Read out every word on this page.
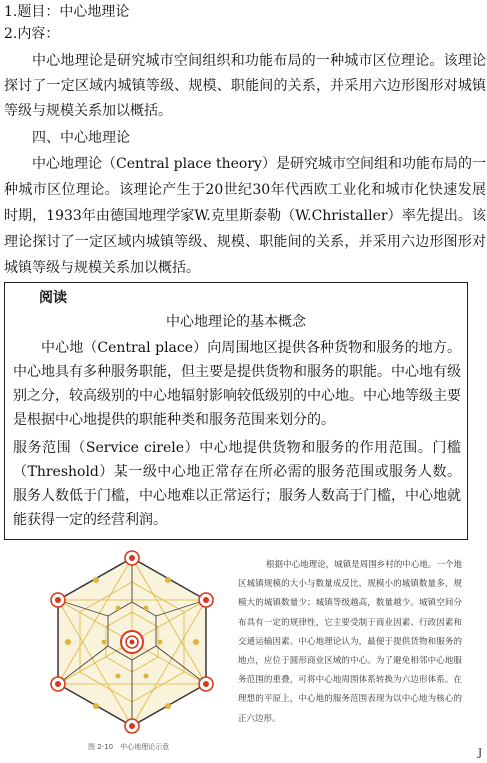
1.题目：中心地理论
2.内容：
中心地理论是研究城市空间组织和功能布局的一种城市区位理论。该理论探讨了一定区域内城镇等级、规模、职能间的关系，并采用六边形图形对城镇等级与规模关系加以概括。
四、中心地理论
中心地理论（Central place theory）是研究城市空间组和功能布局的一种城市区位理论。该理论产生于20世纪30年代西欧工业化和城市化快速发展时期，1933年由德国地理学家W.克里斯泰勒（W.Christaller）率先提出。该理论探讨了一定区域内城镇等级、规模、职能间的关系，并采用六边形图形对城镇等级与规模关系加以概括。
阅读
中心地理论的基本概念
中心地（Central place）向周围地区提供各种货物和服务的地方。中心地具有多种服务职能，但主要是提供货物和服务的职能。中心地有级别之分，较高级别的中心地辐射影响较低级别的中心地。中心地等级主要是根据中心地提供的职能种类和服务范围来划分的。
服务范围（Service cirele）中心地提供货物和服务的作用范围。门槛（Threshold）某一级中心地正常存在所必需的服务范围或服务人数。服务人数低于门槛，中心地难以正常运行；服务人数高于门槛，中心地就能获得一定的经营利润。
图 2-10　中心地理论示意
根据中心地理论，城镇是周围乡村的中心地。一个地区城镇规模的大小与数量成反比，规模小的城镇数量多，规模大的城镇数量少；城镇等级越高，数量越少。城镇空间分布具有一定的规律性，它主要受制于商业因素、行政因素和交通运输因素。中心地理论认为，最便于提供货物和服务的地点，应位于圆形商业区域的中心。为了避免相邻中心地服务范围的重叠，可将中心地周围体系转换为六边形体系。在理想的平原上，中心地的服务范围表现为以中心地为核心的正六边形。
J
